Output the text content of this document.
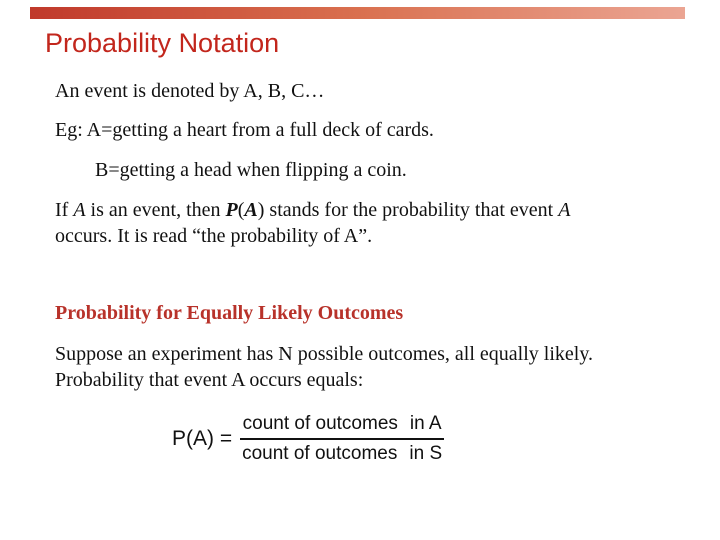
Probability Notation
An event is denoted by A, B, C…
Eg: A=getting a heart from a full deck of cards.
B=getting a head when flipping a coin.
If A is an event, then P(A) stands for the probability that event A
occurs. It is read “the probability of A”.
Probability for Equally Likely Outcomes
Suppose an experiment has N possible outcomes, all equally likely.
Probability that event A occurs equals:
$P(A) = \frac{\text{count of outcomes in A}}{\text{count of outcomes in S}}$
